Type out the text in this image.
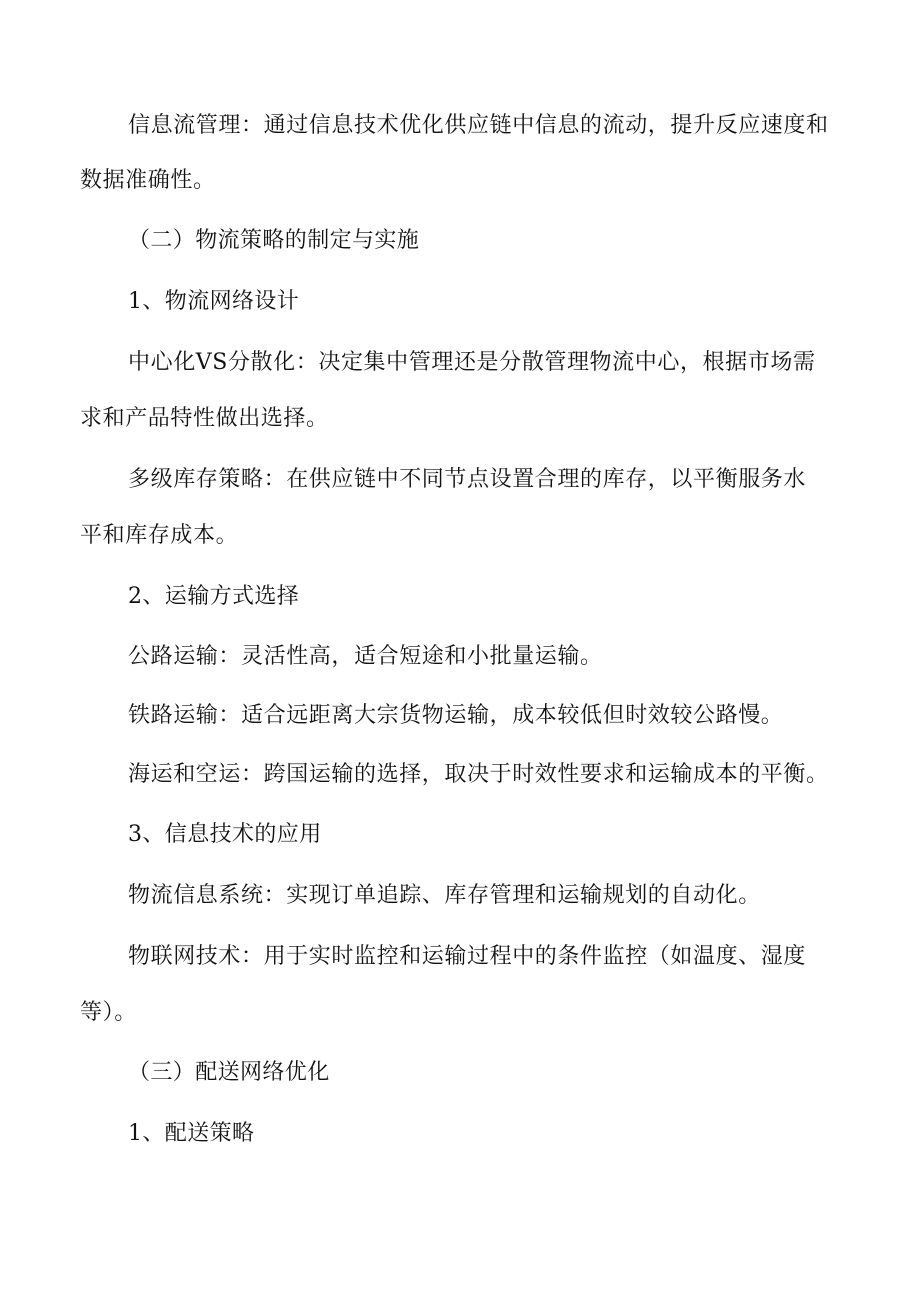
信息流管理：通过信息技术优化供应链中信息的流动，提升反应速度和
数据准确性。
（二）物流策略的制定与实施
1、物流网络设计
中心化VS分散化：决定集中管理还是分散管理物流中心，根据市场需
求和产品特性做出选择。
多级库存策略：在供应链中不同节点设置合理的库存，以平衡服务水
平和库存成本。
2、运输方式选择
公路运输：灵活性高，适合短途和小批量运输。
铁路运输：适合远距离大宗货物运输，成本较低但时效较公路慢。
海运和空运：跨国运输的选择，取决于时效性要求和运输成本的平衡。
3、信息技术的应用
物流信息系统：实现订单追踪、库存管理和运输规划的自动化。
物联网技术：用于实时监控和运输过程中的条件监控（如温度、湿度
等）。
（三）配送网络优化
1、配送策略
